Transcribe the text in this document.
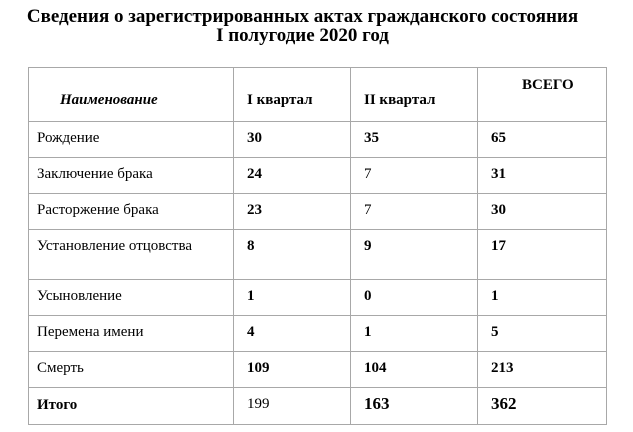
Сведения о зарегистрированных актах гражданского состояния
I полугодие 2020 год
Наименование	I квартал	II квартал	ВСЕГО

Рождение	30	35	65

Заключение брака	24	7	31

Расторжение брака	23	7	30

Установление отцовства	8	9	17

Усыновление	1	0	1

Перемена имени	4	1	5

Смерть	109	104	213

Итого	199	163	362
